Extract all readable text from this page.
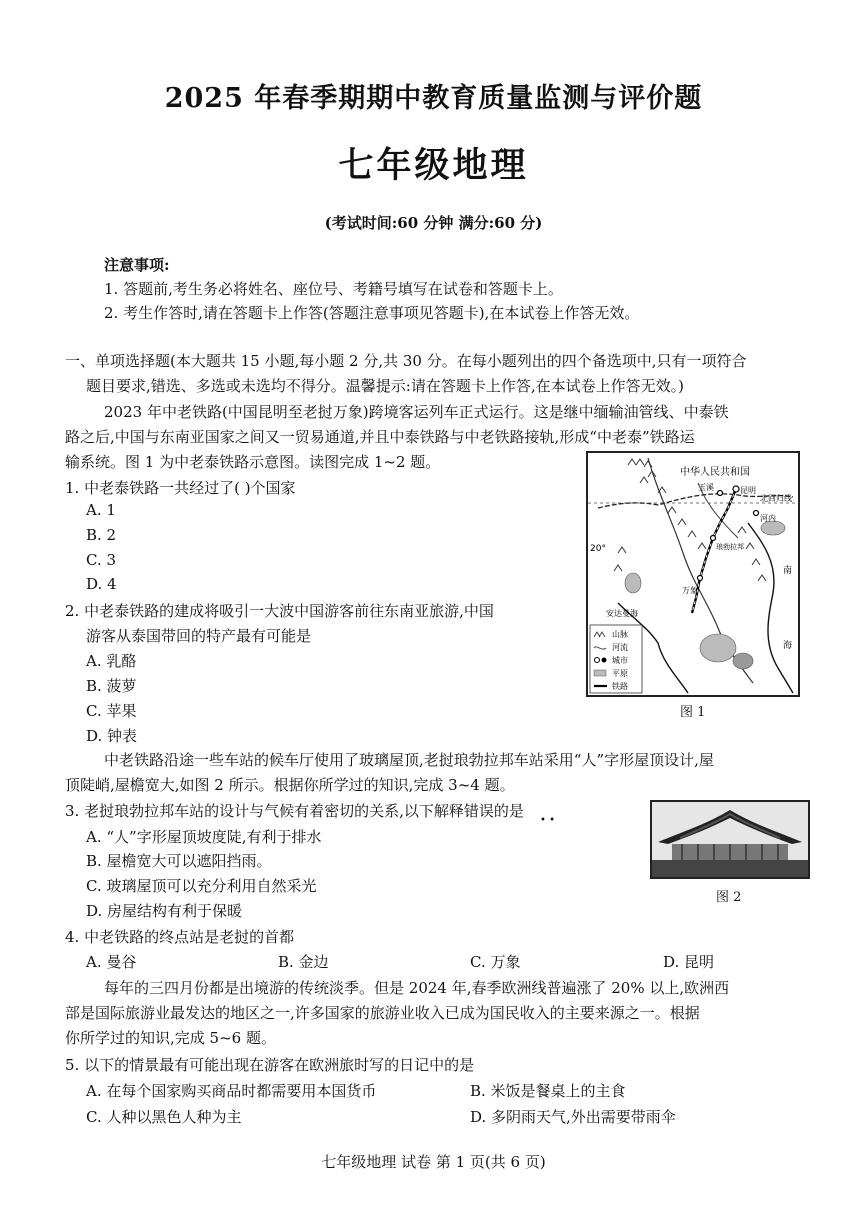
2025 年春季期期中教育质量监测与评价题
七年级地理
(考试时间:60 分钟 满分:60 分)
注意事项:
1. 答题前,考生务必将姓名、座位号、考籍号填写在试卷和答题卡上。
2. 考生作答时,请在答题卡上作答(答题注意事项见答题卡),在本试卷上作答无效。
一、单项选择题(本大题共 15 小题,每小题 2 分,共 30 分。在每小题列出的四个备选项中,只有一项符合
题目要求,错选、多选或未选均不得分。温馨提示:请在答题卡上作答,在本试卷上作答无效。)
2023 年中老铁路(中国昆明至老挝万象)跨境客运列车正式运行。这是继中缅输油管线、中泰铁
路之后,中国与东南亚国家之间又一贸易通道,并且中泰铁路与中老铁路接轨,形成“中老泰”铁路运
输系统。图 1 为中老泰铁路示意图。读图完成 1~2 题。
1. 中老泰铁路一共经过了( )个国家
A. 1
B. 2
C. 3
D. 4
2. 中老泰铁路的建成将吸引一大波中国游客前往东南亚旅游,中国
游客从泰国带回的特产最有可能是
A. 乳酪
B. 菠萝
C. 苹果
D. 钟表
中华人民共和国
玉溪	昆明
北回归线
20°
河内
万象
琅勃拉邦
安达曼海
南
海
山脉
河流
城市
平原
铁路
图 1
中老铁路沿途一些车站的候车厅使用了玻璃屋顶,老挝琅勃拉邦车站采用“人”字形屋顶设计,屋
顶陡峭,屋檐宽大,如图 2 所示。根据你所学过的知识,完成 3~4 题。
3. 老挝琅勃拉邦车站的设计与气候有着密切的关系,以下解释错误的是
• •
A. “人”字形屋顶坡度陡,有利于排水
B. 屋檐宽大可以遮阳挡雨。
C. 玻璃屋顶可以充分利用自然采光
D. 房屋结构有利于保暖
图 2
4. 中老铁路的终点站是老挝的首都
A. 曼谷	B. 金边	C. 万象	D. 昆明
每年的三四月份都是出境游的传统淡季。但是 2024 年,春季欧洲线普遍涨了 20% 以上,欧洲西
部是国际旅游业最发达的地区之一,许多国家的旅游业收入已成为国民收入的主要来源之一。根据
你所学过的知识,完成 5~6 题。
5. 以下的情景最有可能出现在游客在欧洲旅时写的日记中的是
A. 在每个国家购买商品时都需要用本国货币	B. 米饭是餐桌上的主食
C. 人种以黑色人种为主	D. 多阴雨天气,外出需要带雨伞
七年级地理 试卷 第 1 页(共 6 页)
